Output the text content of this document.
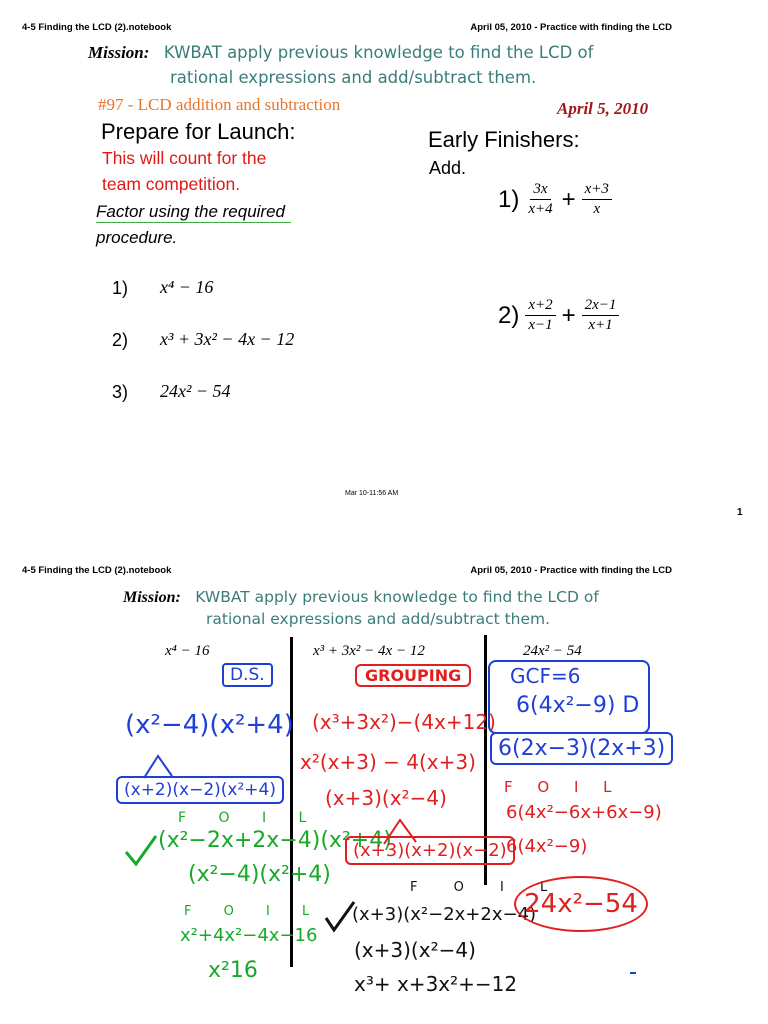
4-5 Finding the LCD (2).notebook	April 05, 2010 - Practice with finding the LCD
Mission: KWBAT apply previous knowledge to find the LCD of
rational expressions and add/subtract them.
#97 - LCD addition and subtraction	April 5, 2010
Prepare for Launch:
This will count for the
team competition.
Factor using the required
procedure.
1) x⁴ − 16
2) x³ + 3x² − 4x − 12
3) 24x² − 54
Early Finishers:
Add.
$1) \frac{3x}{x+4} + \frac{x+3}{x}$
$2) \frac{x+2}{x-1} + \frac{2x-1}{x+1}$
Mar 10-11:56 AM
1
4-5 Finding the LCD (2).notebook	April 05, 2010 - Practice with finding the LCD
Mission: KWBAT apply previous knowledge to find the LCD of
rational expressions and add/subtract them.
x⁴ − 16	x³ + 3x² − 4x − 12	24x² − 54
D.S.
(x²−4)(x²+4)
(x+2)(x−2)(x²+4)
F O I L
(x²−2x+2x−4)(x²+4)
(x²−4)(x²+4)
F O I L
x²+4x²−4x−16
x²16
GROUPING
(x³+3x²)−(4x+12)
x²(x+3) − 4(x+3)
(x+3)(x²−4)
(x+3)(x+2)(x−2)
F O I L
(x+3)(x²−2x+2x−4)
(x+3)(x²−4)
x³+ x+3x²+−12
GCF=6
6(4x²−9) D
6(2x−3)(2x+3)
F O I L
6(4x²−6x+6x−9)
6(4x²−9)
24x²−54
